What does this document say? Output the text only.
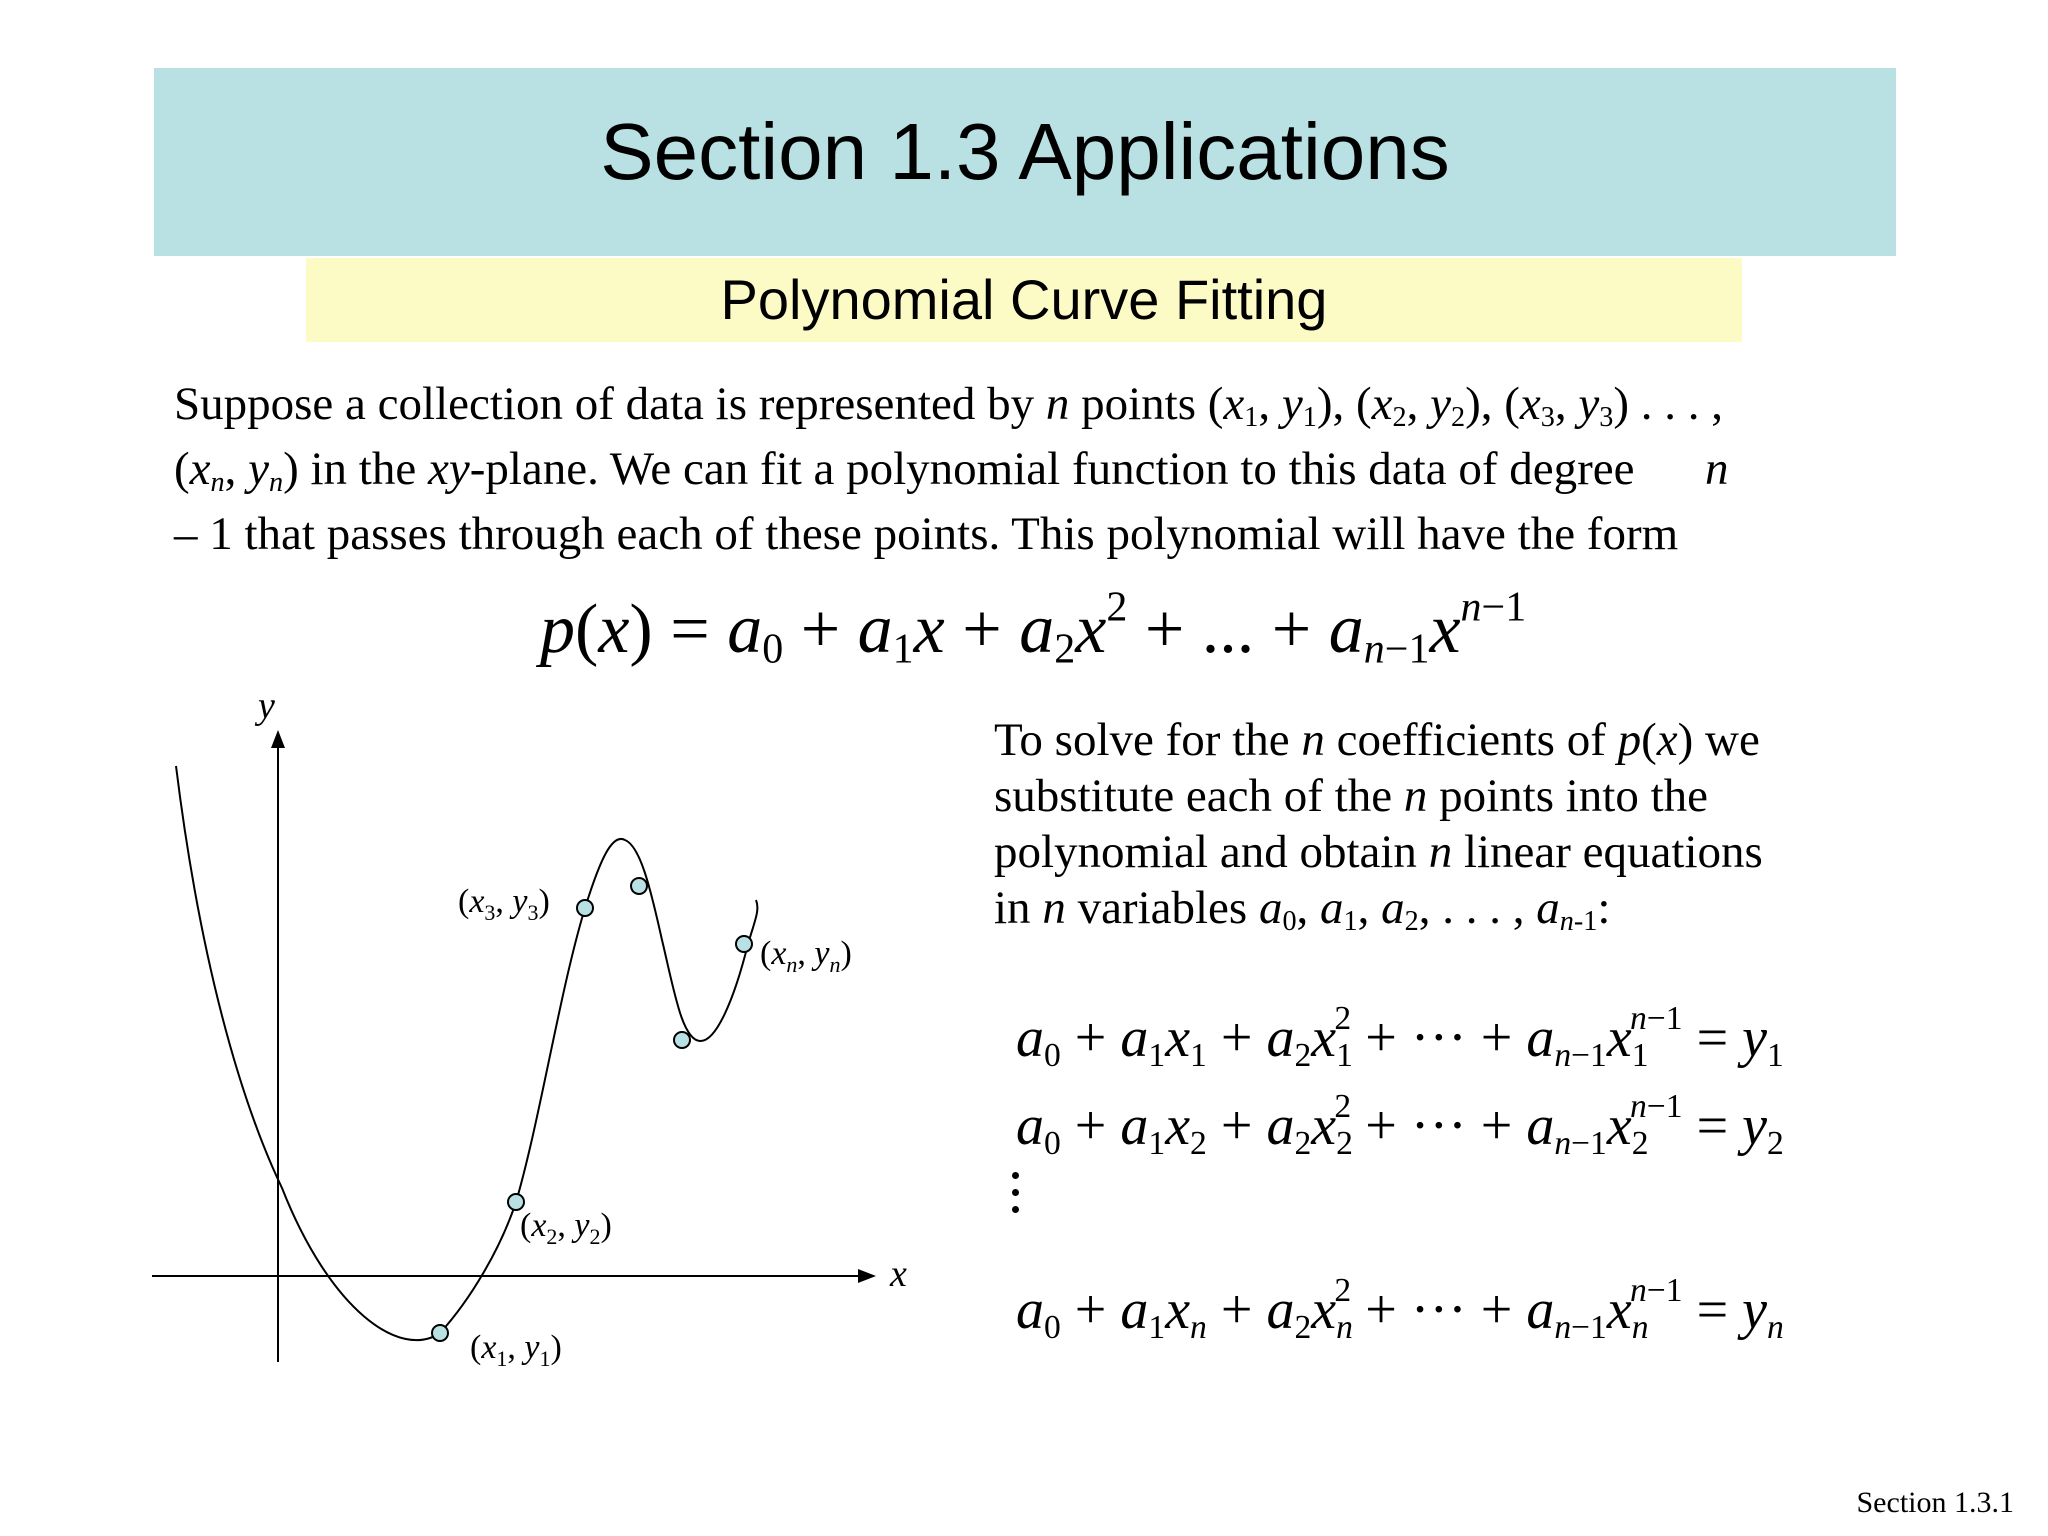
Section 1.3 Applications
Polynomial Curve Fitting
Suppose a collection of data is represented by n points ($x_1$, $y_1$), ($x_2$, $y_2$), ($x_3$, $y_3$) . . . ,
($x_n$, $y_n$) in the xy-plane. We can fit a polynomial function to this data of degree      n
– 1 that passes through each of these points. This polynomial will have the form
$p(x) = a_0 + a_1x + a_2x^2$ + ... + $a_{n-1}x^{n-1}$
y
x
($x_3$, $y_3$)
($x_n$, $y_n$)
($x_2$, $y_2$)
($x_1$, $y_1$)
To solve for the n coefficients of p(x) we
substitute each of the n points into the
polynomial and obtain n linear equations
in n variables $a_0$, $a_1$, $a_2$, . . . , $a_{n-1}$:
$a_0 + a_1x_1 + a_2x_1^2$ + ··· + $a_{n-1}x_1^{n-1} = y_1$
$a_0 + a_1x_2 + a_2x_2^2$ + ··· + $a_{n-1}x_2^{n-1} = y_2$
$a_0 + a_1x_n + a_2x_n^2$ + ··· + $a_{n-1}x_n^{n-1} = y_n$
Section 1.3.1
